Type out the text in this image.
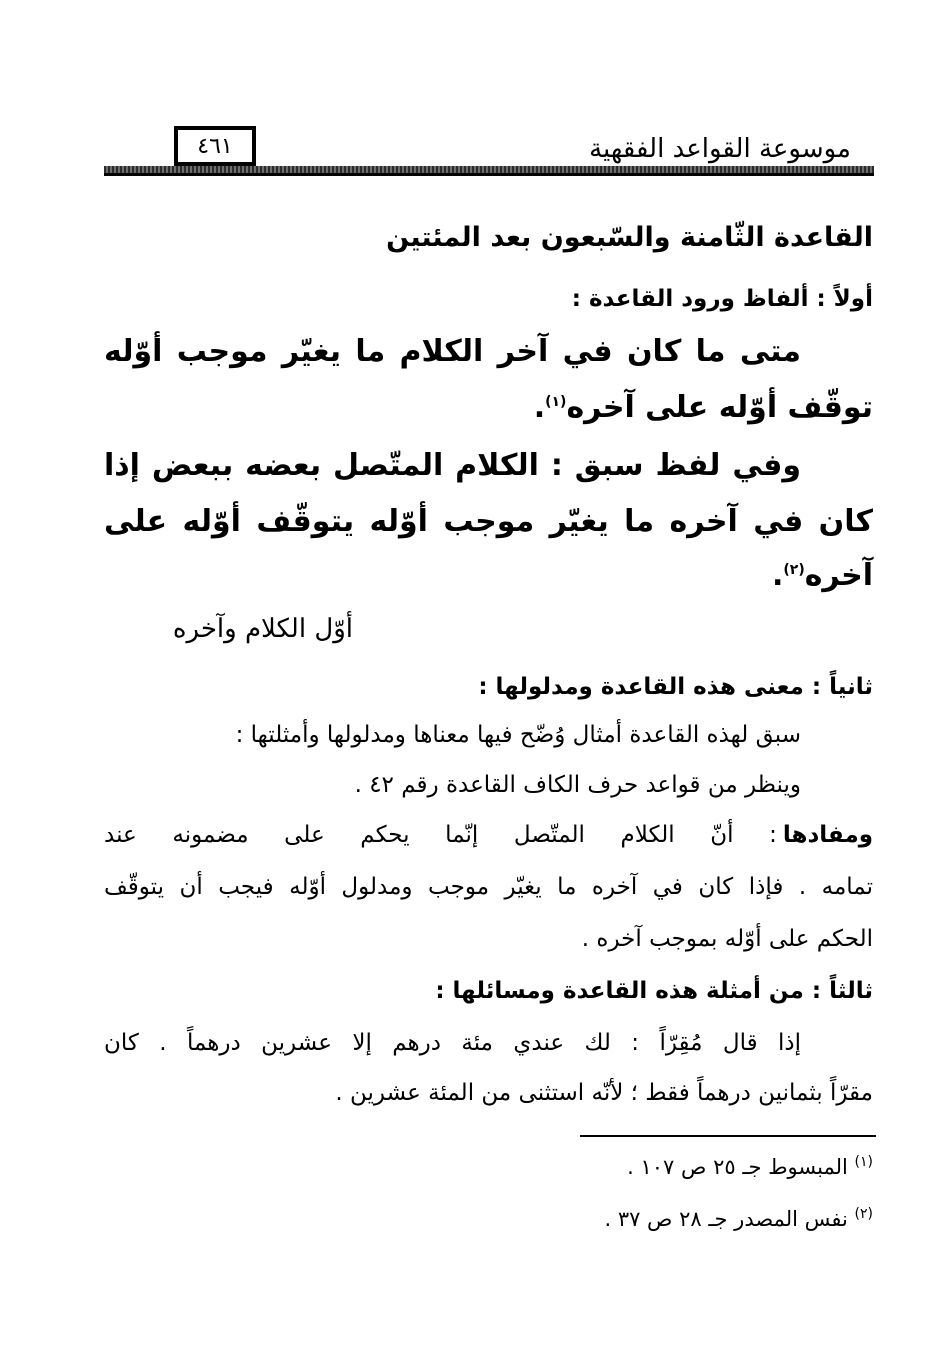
موسوعة القواعد الفقهية
٤٦١
القاعدة الثّامنة والسّبعون بعد المئتين
أولاً : ألفاظ ورود القاعدة :
متى ما كان في آخر الكلام ما يغيّر موجب أوّله
توقّف أوّله على آخره$^{(١)}$.
وفي لفظ سبق : الكلام المتّصل بعضه ببعض إذا
كان في آخره ما يغيّر موجب أوّله يتوقّف أوّله على
آخره$^{(٢)}$.
أوّل الكلام وآخره
ثانياً : معنى هذه القاعدة ومدلولها :
سبق لهذه القاعدة أمثال وُضّح فيها معناها ومدلولها وأمثلتها :
وينظر من قواعد حرف الكاف القاعدة رقم ٤٢ .
ومفادها
: أنّ الكلام المتّصل إنّما يحكم على مضمونه عند
تمامه . فإذا كان في آخره ما يغيّر موجب ومدلول أوّله فيجب أن يتوقّف
الحكم على أوّله بموجب آخره .
ثالثاً : من أمثلة هذه القاعدة ومسائلها :
إذا قال مُقِرّاً : لك عندي مئة درهم إلا عشرين درهماً . كان
مقرّاً بثمانين درهماً فقط ؛ لأنّه استثنى من المئة عشرين .
$^{(١)}$ المبسوط جـ ٢٥ ص ١٠٧ .
$^{(٢)}$ نفس المصدر جـ ٢٨ ص ٣٧ .
